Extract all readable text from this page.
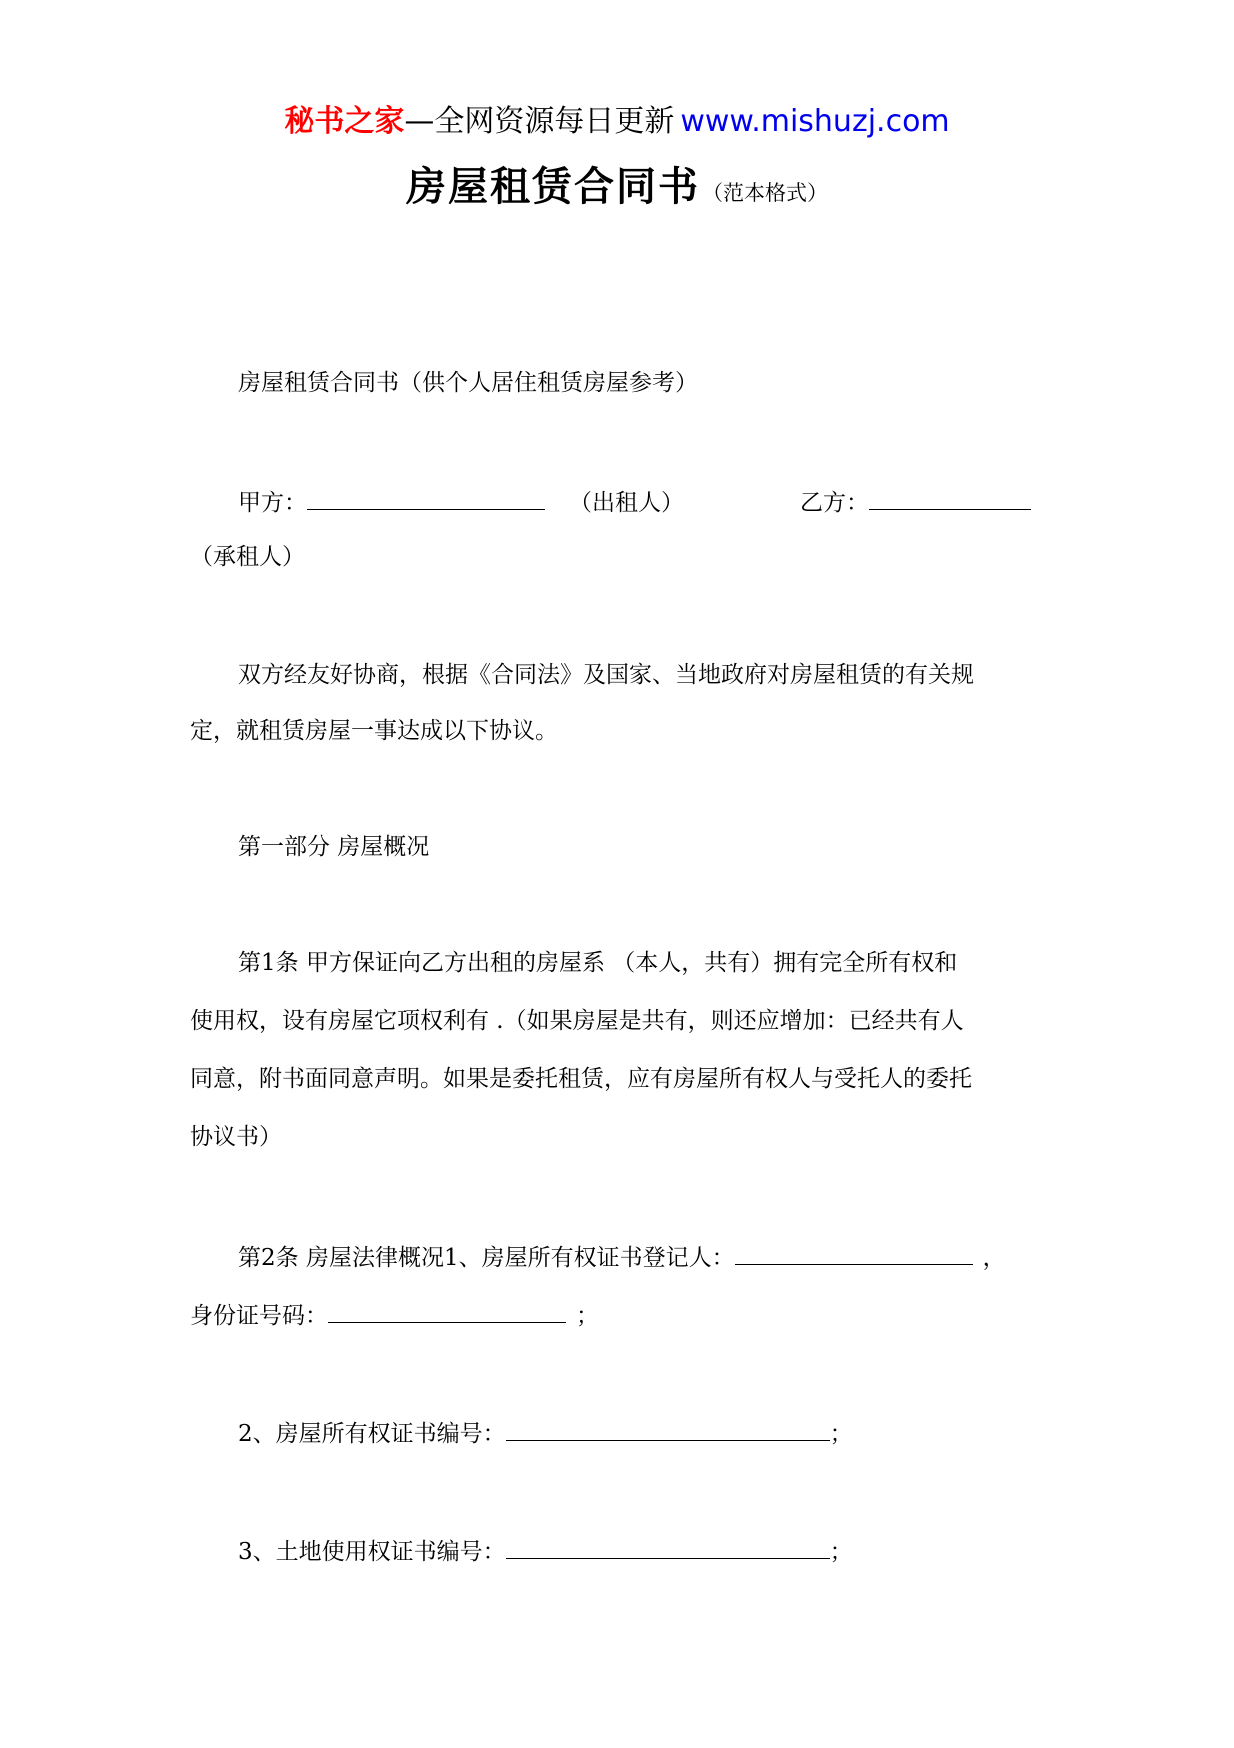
秘书之家—全网资源每日更新 www.mishuzj.com
房屋租赁合同书（范本格式）
房屋租赁合同书（供个人居住租赁房屋参考）
甲方：	（出租人）	乙方：
（承租人）
双方经友好协商，根据《合同法》及国家、当地政府对房屋租赁的有关规
定，就租赁房屋一事达成以下协议。
第一部分 房屋概况
第1条 甲方保证向乙方出租的房屋系 （本人，共有）拥有完全所有权和
使用权，设有房屋它项权利有 .（如果房屋是共有，则还应增加：已经共有人
同意，附书面同意声明。如果是委托租赁，应有房屋所有权人与受托人的委托
协议书）
第2条 房屋法律概况1、房屋所有权证书登记人：	，
身份证号码：	；
2、房屋所有权证书编号：	；
3、土地使用权证书编号：	；
